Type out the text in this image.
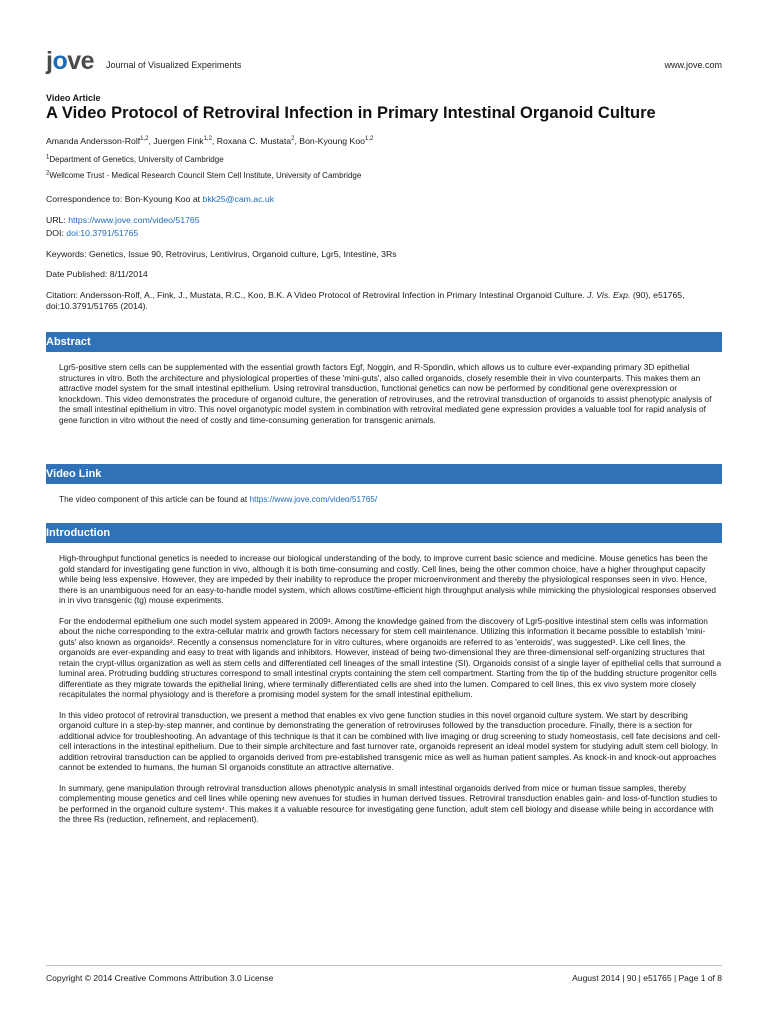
jove Journal of Visualized Experiments	www.jove.com
Video Article
A Video Protocol of Retroviral Infection in Primary Intestinal Organoid Culture
Amanda Andersson-Rolf$^{1,2}$, Juergen Fink$^{1,2}$, Roxana C. Mustata$^2$, Bon-Kyoung Koo$^{1,2}$
$^1$Department of Genetics, University of Cambridge
$^2$Wellcome Trust - Medical Research Council Stem Cell Institute, University of Cambridge
Correspondence to: Bon-Kyoung Koo at bkk25@cam.ac.uk
URL: https://www.jove.com/video/51765
DOI: doi:10.3791/51765
Keywords: Genetics, Issue 90, Retrovirus, Lentivirus, Organoid culture, Lgr5, Intestine, 3Rs
Date Published: 8/11/2014
Citation: Andersson-Rolf, A., Fink, J., Mustata, R.C., Koo, B.K. A Video Protocol of Retroviral Infection in Primary Intestinal Organoid Culture. J. Vis. Exp. (90), e51765, doi:10.3791/51765 (2014).
Abstract

Lgr5-positive stem cells can be supplemented with the essential growth factors Egf, Noggin, and R-Spondin, which allows us to culture ever-expanding primary 3D epithelial structures in vitro. Both the architecture and physiological properties of these 'mini-guts', also called organoids, closely resemble their in vivo counterparts. This makes them an attractive model system for the small intestinal epithelium. Using retroviral transduction, functional genetics can now be performed by conditional gene overexpression or knockdown. This video demonstrates the procedure of organoid culture, the generation of retroviruses, and the retroviral transduction of organoids to assist phenotypic analysis of the small intestinal epithelium in vitro. This novel organotypic model system in combination with retroviral mediated gene expression provides a valuable tool for rapid analysis of gene function in vitro without the need of costly and time-consuming generation for transgenic animals.

Video Link
The video component of this article can be found at https://www.jove.com/video/51765/
Introduction

High-throughput functional genetics is needed to increase our biological understanding of the body, to improve current basic science and medicine. Mouse genetics has been the gold standard for investigating gene function in vivo, although it is both time-consuming and costly. Cell lines, being the other common choice, have a higher throughput capacity while being less expensive. However, they are impeded by their inability to reproduce the proper microenvironment and thereby the physiological responses seen in vivo. Hence, there is an unambiguous need for an easy-to-handle model system, which allows cost/time-efficient high throughput analysis while mimicking the physiological responses observed in in vivo transgenic (tg) mouse experiments.

For the endodermal epithelium one such model system appeared in 2009¹. Among the knowledge gained from the discovery of Lgr5-positive intestinal stem cells was information about the niche corresponding to the extra-cellular matrix and growth factors necessary for stem cell maintenance. Utilizing this information it became possible to establish 'mini-guts' also known as organoids². Recently a consensus nomenclature for in vitro cultures, where organoids are referred to as 'enteroids', was suggested³. Like cell lines, the organoids are ever-expanding and easy to treat with ligands and inhibitors. However, instead of being two-dimensional they are three-dimensional self-organizing structures that retain the crypt-villus organization as well as stem cells and differentiated cell lineages of the small intestine (SI). Organoids consist of a single layer of epithelial cells that surround a luminal area. Protruding budding structures correspond to small intestinal crypts containing the stem cell compartment. Starting from the tip of the budding structure progenitor cells differentiate as they migrate towards the epithelial lining, where terminally differentiated cells are shed into the lumen. Compared to cell lines, this ex vivo system more closely recapitulates the normal physiology and is therefore a promising model system for the small intestinal epithelium.

In this video protocol of retroviral transduction, we present a method that enables ex vivo gene function studies in this novel organoid culture system. We start by describing organoid culture in a step-by-step manner, and continue by demonstrating the generation of retroviruses followed by the transduction procedure. Finally, there is a section for additional advice for troubleshooting. An advantage of this technique is that it can be combined with live imaging or drug screening to study homeostasis, cell fate decisions and cell-cell interactions in the intestinal epithelium. Due to their simple architecture and fast turnover rate, organoids represent an ideal model system for studying adult stem cell biology. In addition retroviral transduction can be applied to organoids derived from pre-established transgenic mice as well as human patient samples. As knock-in and knock-out approaches cannot be extended to humans, the human SI organoids constitute an attractive alternative.

In summary, gene manipulation through retroviral transduction allows phenotypic analysis in small intestinal organoids derived from mice or human tissue samples, thereby complementing mouse genetics and cell lines while opening new avenues for studies in human derived tissues. Retroviral transduction enables gain- and loss-of-function studies to be performed in the organoid culture system⁴. This makes it a valuable resource for investigating gene function, adult stem cell biology and disease while being in accordance with the three Rs (reduction, refinement, and replacement).

Copyright © 2014 Creative Commons Attribution 3.0 License	August 2014 | 90 | e51765 | Page 1 of 8
